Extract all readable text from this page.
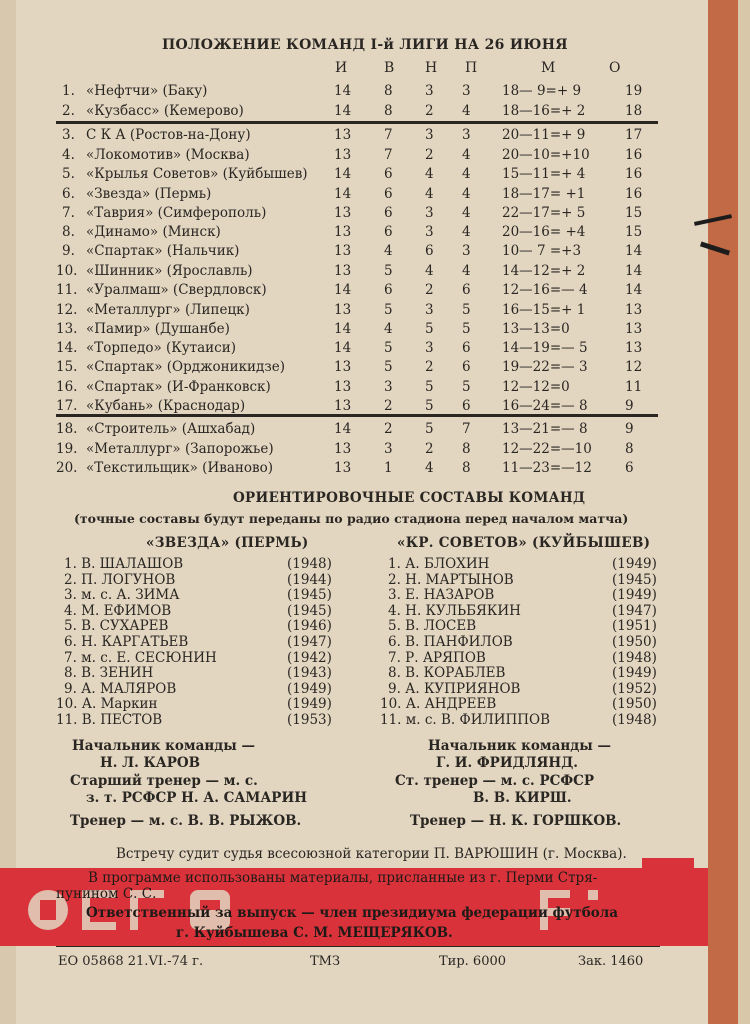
ПОЛОЖЕНИЕ КОМАНД I-й ЛИГИ НА 26 ИЮНЯ
И	В Н П	М	О
1. «Нефтчи» (Баку)	14 8 3 3 18— 9=+ 9	19
2. «Кузбасс» (Кемерово)	14 8 2 4 18—16=+ 2	18
3. С К А (Ростов-на-Дону)	13 7 3 3 20—11=+ 9	17
4. «Локомотив» (Москва)	13 7 2 4 20—10=+10	16
5. «Крылья Советов» (Куйбышев) 14 6 4 4 15—11=+ 4	16
6. «Звезда» (Пермь)	14 6 4 4 18—17= +1	16
7. «Таврия» (Симферополь)	13 6 3 4 22—17=+ 5	15
8. «Динамо» (Минск)	13 6 3 4 20—16= +4	15
9. «Спартак» (Нальчик)	13 4 6 3 10— 7 =+3	14
10. «Шинник» (Ярославль)	13 5 4 4 14—12=+ 2	14
11. «Уралмаш» (Свердловск)	14 6 2 6 12—16=— 4	14
12. «Металлург» (Липецк)	13 5 3 5 16—15=+ 1	13
13. «Памир» (Душанбе)	14 4 5 5 13—13=0	13
14. «Торпедо» (Кутаиси)	14 5 3 6 14—19=— 5	13
15. «Спартак» (Орджоникидзе)	13 5 2 6 19—22=— 3	12
16. «Спартак» (И-Франковск)	13 3 5 5 12—12=0	11
17. «Кубань» (Краснодар)	13 2 5 6 16—24=— 8	9
18. «Строитель» (Ашхабад)	14 2 5 7 13—21=— 8	9
19. «Металлург» (Запорожье)	13 3 2 8 12—22=—10 8
20. «Текстильщик» (Иваново)	13 1 4 8 11—23=—12 6
ОРИЕНТИРОВОЧНЫЕ СОСТАВЫ КОМАНД
(точные составы будут переданы по радио стадиона перед началом матча)
«ЗВЕЗДА» (ПЕРМЬ)	«КР. СОВЕТОВ» (КУЙБЫШЕВ)
1. В. ШАЛАШОВ	(1948)
2. П. ЛОГУНОВ	(1944)
3. м. с. А. ЗИМА	(1945)
4. М. ЕФИМОВ	(1945)
5. В. СУХАРЕВ	(1946)
6. Н. КАРГАТЬЕВ	(1947)
7. м. с. Е. СЕСЮНИН	(1942)
8. В. ЗЕНИН	(1943)
9. А. МАЛЯРОВ	(1949)
10. А. Маркин	(1949)
11. В. ПЕСТОВ	(1953)
1. А. БЛОХИН	(1949)
2. Н. МАРТЫНОВ	(1945)
3. Е. НАЗАРОВ	(1949)
4. Н. КУЛЬБЯКИН	(1947)
5. В. ЛОСЕВ	(1951)
6. В. ПАНФИЛОВ	(1950)
7. Р. АРЯПОВ	(1948)
8. В. КОРАБЛЕВ	(1949)
9. А. КУПРИЯНОВ	(1952)
10. А. АНДРЕЕВ	(1950)
11. м. с. В. ФИЛИППОВ	(1948)
Начальник команды —
Н. Л. КАРОВ
Старший тренер — м. с.
з. т. РСФСР Н. А. САМАРИН
Тренер — м. с. В. В. РЫЖОВ.
Начальник команды —
Г. И. ФРИДЛЯНД.
Ст. тренер — м. с. РСФСР
В. В. КИРШ.
Тренер — Н. К. ГОРШКОВ.
Встречу судит судья всесоюзной категории П. ВАРЮШИН (г. Москва).
В программе использованы материалы, присланные из г. Перми Стря-
пунином С. С.
Ответственный за выпуск — член президиума федерации футбола
г. Куйбышева С. М. МЕЩЕРЯКОВ.
ЕО 05868 21.VI.-74 г.	ТМЗ	Тир. 6000	Зак. 1460
